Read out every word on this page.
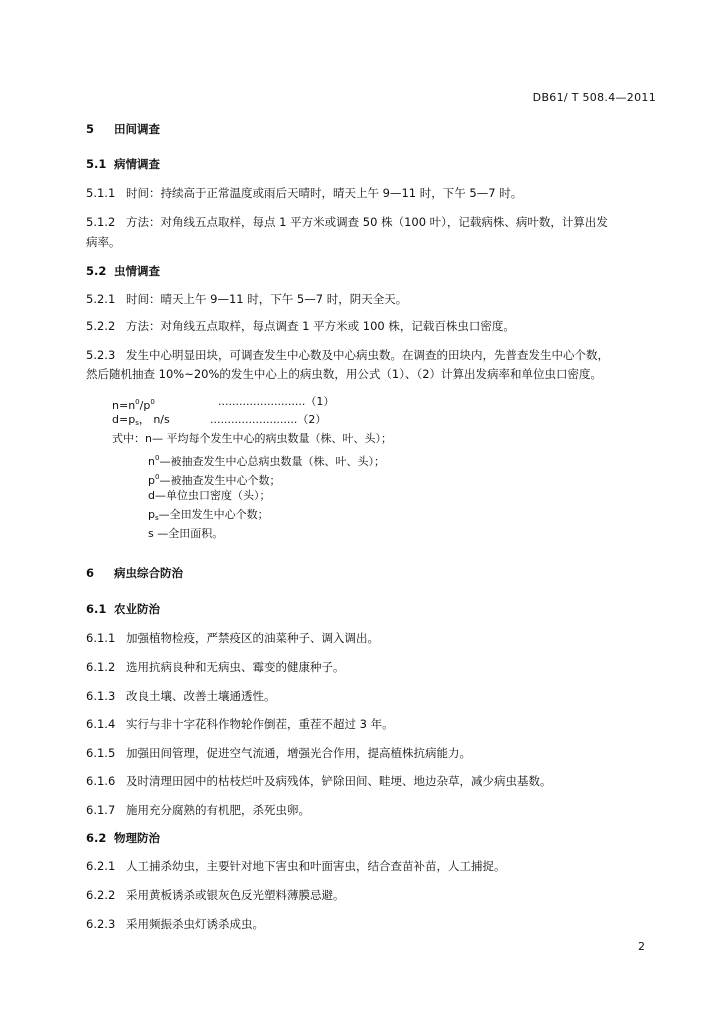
DB61/ T 508.4—2011
5 田间调查
5.1 病情调查
5.1.1 时间：持续高于正常温度或雨后天晴时，晴天上午 9—11 时，下午 5—7 时。
5.1.2 方法：对角线五点取样，每点 1 平方米或调查 50 株（100 叶），记载病株、病叶数，计算出发
病率。
5.2 虫情调查
5.2.1 时间：晴天上午 9—11 时，下午 5—7 时，阴天全天。
5.2.2 方法：对角线五点取样，每点调查 1 平方米或 100 株，记载百株虫口密度。
5.2.3 发生中心明显田块，可调查发生中心数及中心病虫数。在调查的田块内，先普查发生中心个数，
然后随机抽查 10%~20%的发生中心上的病虫数，用公式（1）、（2）计算出发病率和单位虫口密度。
$n=n^0/p^0$	.........................（1）
$d=p_s$， n/s	.........................（2）
式中：n— 平均每个发生中心的病虫数量（株、叶、头）；
$n^0—$被抽查发生中心总病虫数量（株、叶、头）；
$p^0—$被抽查发生中心个数；
d—单位虫口密度（头）；
$p_s—$全田发生中心个数；
s —全田面积。
6 病虫综合防治
6.1 农业防治
6.1.1 加强植物检疫，严禁疫区的油菜种子、调入调出。
6.1.2 选用抗病良种和无病虫、霉变的健康种子。
6.1.3 改良土壤、改善土壤通透性。
6.1.4 实行与非十字花科作物轮作倒茬，重茬不超过 3 年。
6.1.5 加强田间管理，促进空气流通，增强光合作用，提高植株抗病能力。
6.1.6 及时清理田园中的枯枝烂叶及病残体，铲除田间、畦埂、地边杂草，减少病虫基数。
6.1.7 施用充分腐熟的有机肥，杀死虫卵。
6.2 物理防治
6.2.1 人工捕杀幼虫，主要针对地下害虫和叶面害虫，结合查苗补苗，人工捕捉。
6.2.2 采用黄板诱杀或银灰色反光塑料薄膜忌避。
6.2.3 采用频振杀虫灯诱杀成虫。
2
